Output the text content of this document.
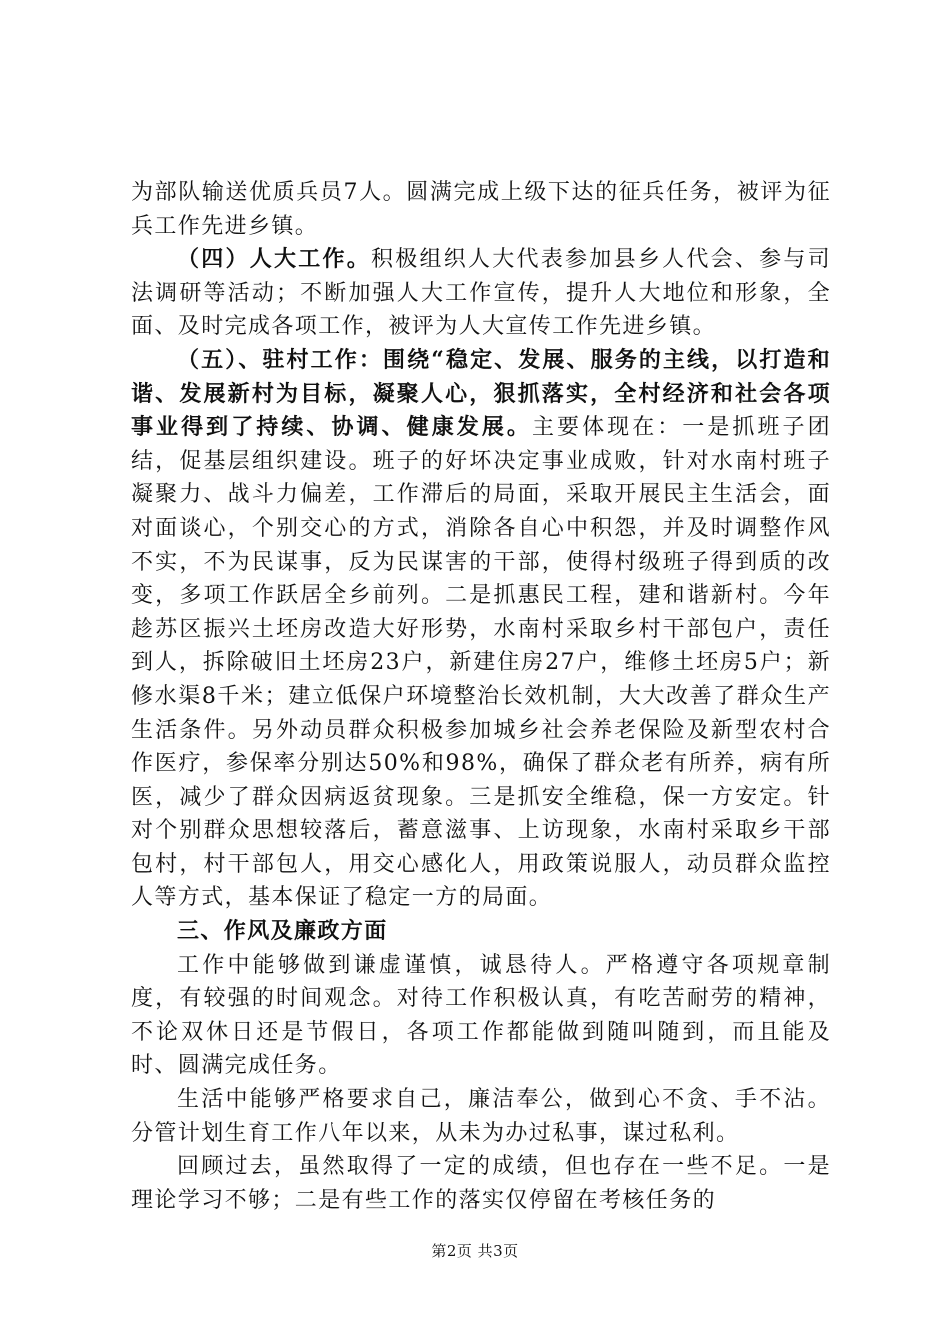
为部队输送优质兵员7人。圆满完成上级下达的征兵任务，被评为征兵工作先进乡镇。

（四）人大工作。积极组织人大代表参加县乡人代会、参与司法调研等活动；不断加强人大工作宣传，提升人大地位和形象，全面、及时完成各项工作，被评为人大宣传工作先进乡镇。

（五）、驻村工作：围绕“稳定、发展、服务的主线，以打造和谐、发展新村为目标，凝聚人心，狠抓落实，全村经济和社会各项事业得到了持续、协调、健康发展。主要体现在：一是抓班子团结，促基层组织建设。班子的好坏决定事业成败，针对水南村班子凝聚力、战斗力偏差，工作滞后的局面，采取开展民主生活会，面对面谈心，个别交心的方式，消除各自心中积怨，并及时调整作风不实，不为民谋事，反为民谋害的干部，使得村级班子得到质的改变，多项工作跃居全乡前列。二是抓惠民工程，建和谐新村。今年趁苏区振兴土坯房改造大好形势，水南村采取乡村干部包户，责任到人，拆除破旧土坯房23户，新建住房27户，维修土坯房5户；新修水渠8千米；建立低保户环境整治长效机制，大大改善了群众生产生活条件。另外动员群众积极参加城乡社会养老保险及新型农村合作医疗，参保率分别达50%和98%，确保了群众老有所养，病有所医，减少了群众因病返贫现象。三是抓安全维稳，保一方安定。针对个别群众思想较落后，蓄意滋事、上访现象，水南村采取乡干部包村，村干部包人，用交心感化人，用政策说服人，动员群众监控人等方式，基本保证了稳定一方的局面。

三、作风及廉政方面

工作中能够做到谦虚谨慎，诚恳待人。严格遵守各项规章制度，有较强的时间观念。对待工作积极认真，有吃苦耐劳的精神，不论双休日还是节假日，各项工作都能做到随叫随到，而且能及时、圆满完成任务。

生活中能够严格要求自己，廉洁奉公，做到心不贪、手不沾。分管计划生育工作八年以来，从未为办过私事，谋过私利。

回顾过去，虽然取得了一定的成绩，但也存在一些不足。一是理论学习不够；二是有些工作的落实仅停留在考核任务的

第2页 共3页
